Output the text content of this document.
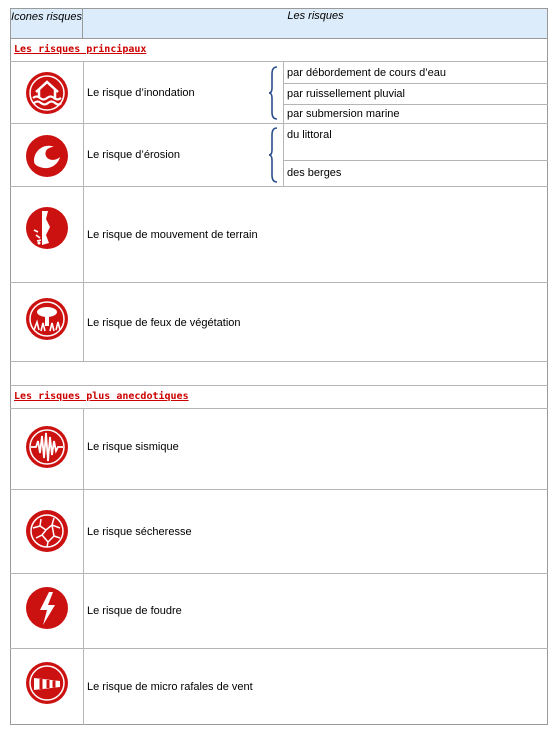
Icones risques	Les risques
Les risques principaux
Les risques plus anecdotiques
Le risque d’inondation
par débordement de cours d’eau
par ruissellement pluvial
par submersion marine
Le risque d’érosion
du littoral
des berges
Le risque de mouvement de terrain
Le risque de feux de végétation
Le risque sismique
Le risque sécheresse
Le risque de foudre
Le risque de micro rafales de vent
